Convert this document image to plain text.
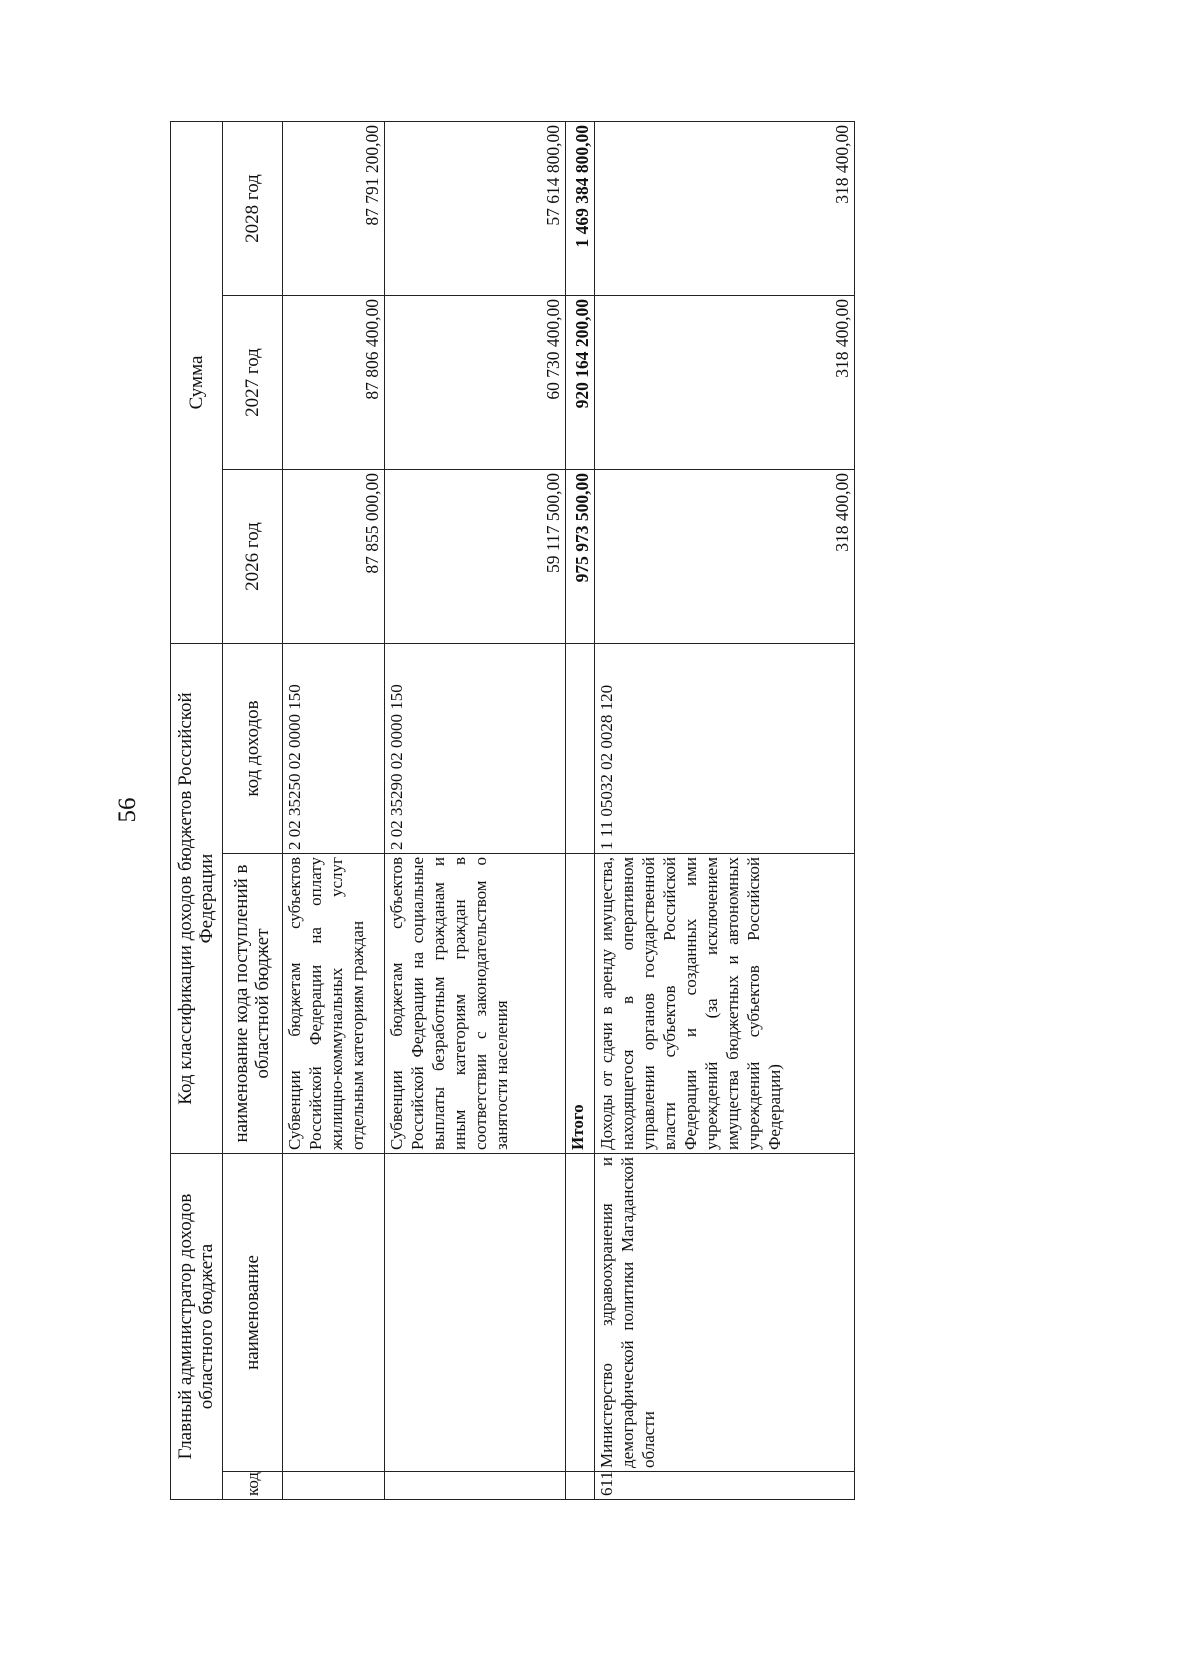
56
Главный администратор доходов областного бюджета		Код классификации доходов бюджетов Российской Федерации		Сумма		
код	наименование	наименование кода поступлений в областной бюджет	код доходов	2026 год	2027 год	2028 год
		Субвенции бюджетам субъектов Российской Федерации на оплату жилищно-коммунальных услуг отдельным категориям граждан	2 02 35250 02 0000 150	87 855 000,00	87 806 400,00	87 791 200,00
		Субвенции бюджетам субъектов Российской Федерации на социальные выплаты безработным гражданам и иным категориям граждан в соответствии с законодательством о занятости населения	2 02 35290 02 0000 150	59 117 500,00	60 730 400,00	57 614 800,00
		Итого		975 973 500,00	920 164 200,00	1 469 384 800,00
611	Министерство здравоохранения и демографической политики Магаданской области	Доходы от сдачи в аренду имущества, находящегося в оперативном управлении органов государственной власти субъектов Российской Федерации и созданных ими учреждений (за исключением имущества бюджетных и автономных учреждений субъектов Российской Федерации)	1 11 05032 02 0028 120	318 400,00	318 400,00	318 400,00
